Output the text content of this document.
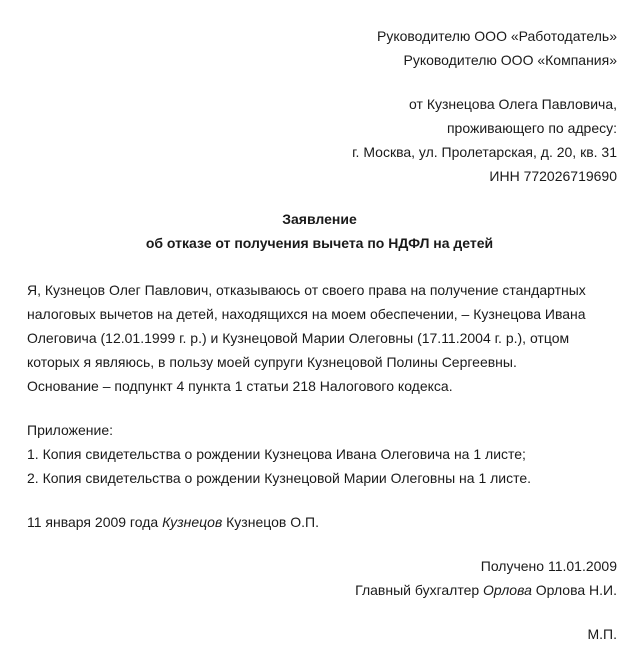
Руководителю ООО «Работодатель»
Руководителю ООО «Компания»
от Кузнецова Олега Павловича,
проживающего по адресу:
г. Москва, ул. Пролетарская, д. 20, кв. 31
ИНН 772026719690
Заявление
об отказе от получения вычета по НДФЛ на детей
Я, Кузнецов Олег Павлович, отказываюсь от своего права на получение стандартных
налоговых вычетов на детей, находящихся на моем обеспечении, – Кузнецова Ивана
Олеговича (12.01.1999 г. р.) и Кузнецовой Марии Олеговны (17.11.2004 г. р.), отцом
которых я являюсь, в пользу моей супруги Кузнецовой Полины Сергеевны.
Основание – подпункт 4 пункта 1 статьи 218 Налогового кодекса.
Приложение:
1. Копия свидетельства о рождении Кузнецова Ивана Олеговича на 1 листе;
2. Копия свидетельства о рождении Кузнецовой Марии Олеговны на 1 листе.
11 января 2009 года Кузнецов Кузнецов О.П.
Получено 11.01.2009
Главный бухгалтер Орлова Орлова Н.И.
М.П.
